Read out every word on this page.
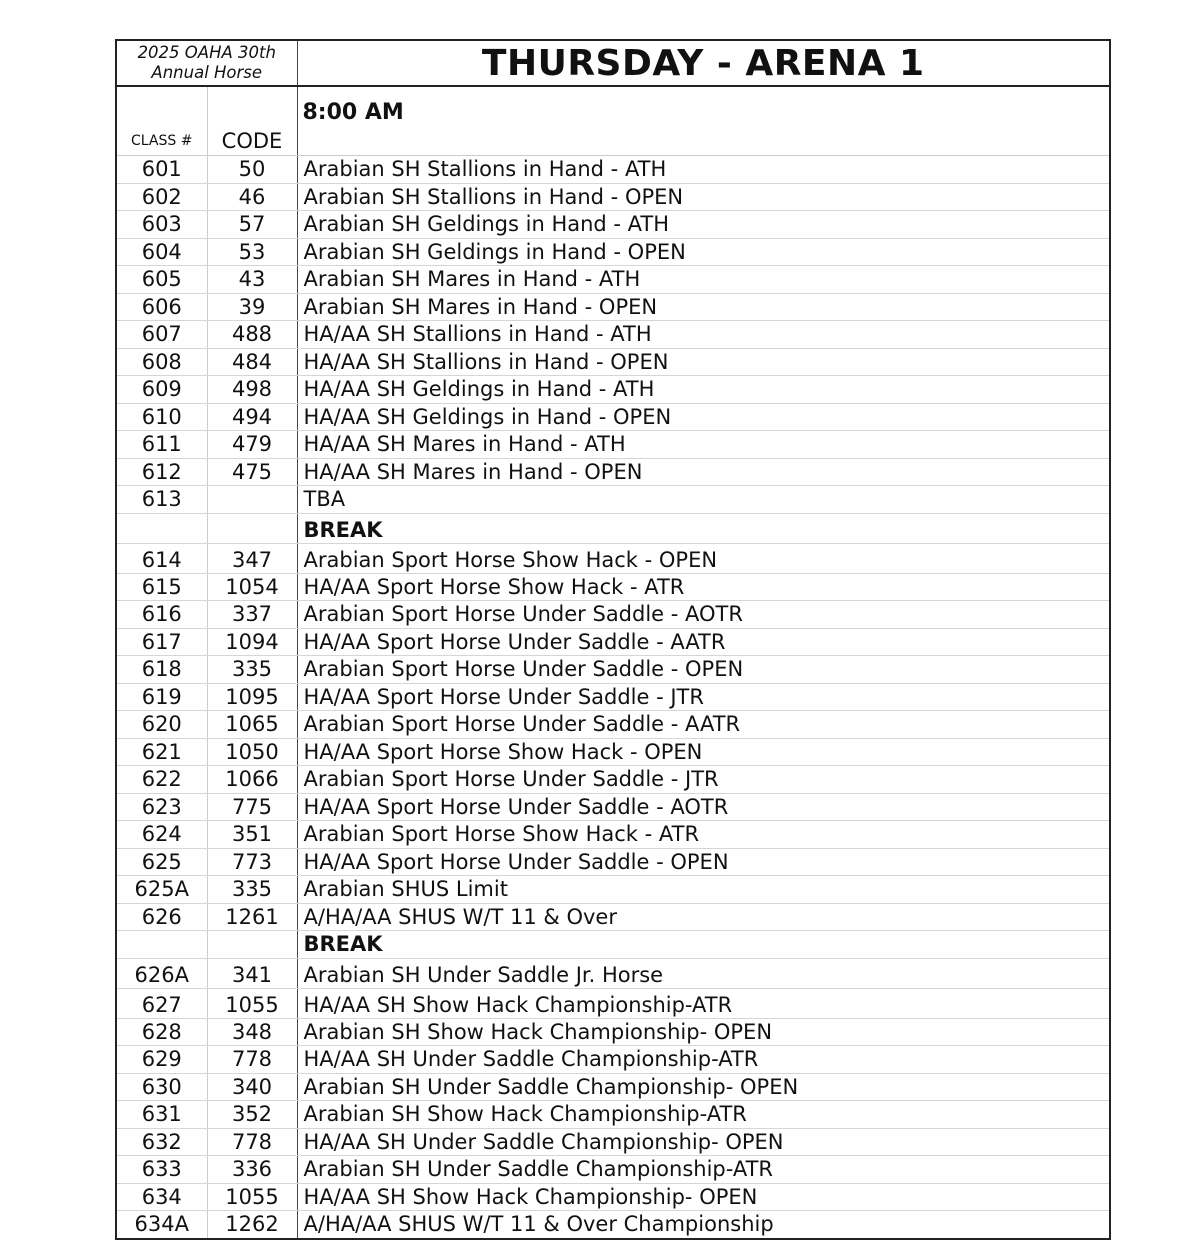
2025 OAHA 30th
Annual Horse		THURSDAY - ARENA 1
CLASS #	CODE	8:00 AM
601	50	Arabian SH Stallions in Hand - ATH
602	46	Arabian SH Stallions in Hand - OPEN
603	57	Arabian SH Geldings in Hand - ATH
604	53	Arabian SH Geldings in Hand - OPEN
605	43	Arabian SH Mares in Hand - ATH
606	39	Arabian SH Mares in Hand - OPEN
607	488	HA/AA SH Stallions in Hand - ATH
608	484	HA/AA SH Stallions in Hand - OPEN
609	498	HA/AA SH Geldings in Hand - ATH
610	494	HA/AA SH Geldings in Hand - OPEN
611	479	HA/AA SH Mares in Hand - ATH
612	475	HA/AA SH Mares in Hand - OPEN
613		TBA
		BREAK
614	347	Arabian Sport Horse Show Hack - OPEN
615	1054	HA/AA Sport Horse Show Hack - ATR
616	337	Arabian Sport Horse Under Saddle - AOTR
617	1094	HA/AA Sport Horse Under Saddle - AATR
618	335	Arabian Sport Horse Under Saddle - OPEN
619	1095	HA/AA Sport Horse Under Saddle - JTR
620	1065	Arabian Sport Horse Under Saddle - AATR
621	1050	HA/AA Sport Horse Show Hack - OPEN
622	1066	Arabian Sport Horse Under Saddle - JTR
623	775	HA/AA Sport Horse Under Saddle - AOTR
624	351	Arabian Sport Horse Show Hack - ATR
625	773	HA/AA Sport Horse Under Saddle - OPEN
625A	335	Arabian SHUS Limit
626	1261	A/HA/AA SHUS W/T 11 & Over
		BREAK
626A	341	Arabian SH Under Saddle Jr. Horse
627	1055	HA/AA SH Show Hack Championship-ATR
628	348	Arabian SH Show Hack Championship- OPEN
629	778	HA/AA SH Under Saddle Championship-ATR
630	340	Arabian SH Under Saddle Championship- OPEN
631	352	Arabian SH Show Hack Championship-ATR
632	778	HA/AA SH Under Saddle Championship- OPEN
633	336	Arabian SH Under Saddle Championship-ATR
634	1055	HA/AA SH Show Hack Championship- OPEN
634A	1262	A/HA/AA SHUS W/T 11 & Over Championship
